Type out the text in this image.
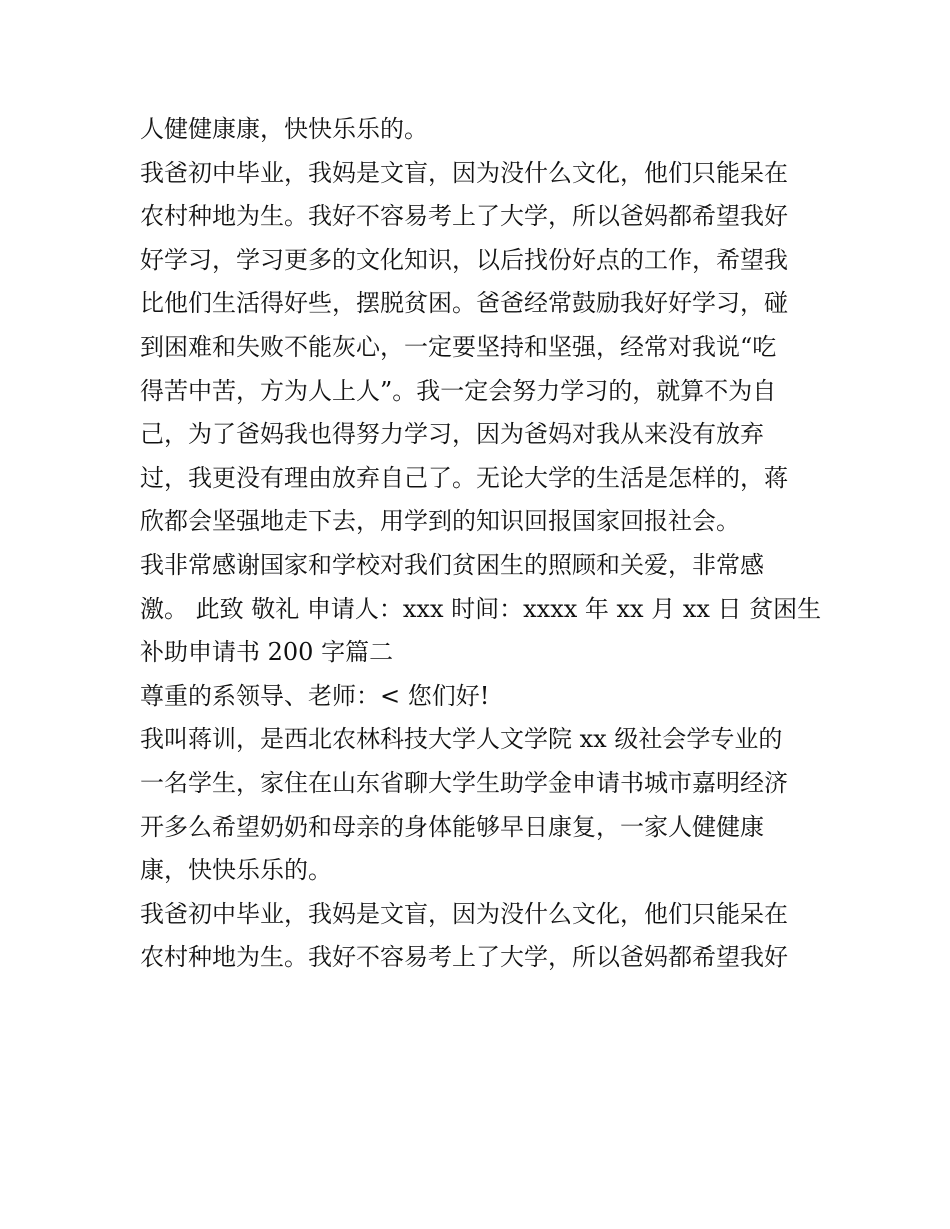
人健健康康，快快乐乐的。
我爸初中毕业，我妈是文盲，因为没什么文化，他们只能呆在
农村种地为生。我好不容易考上了大学，所以爸妈都希望我好
好学习，学习更多的文化知识，以后找份好点的工作，希望我
比他们生活得好些，摆脱贫困。爸爸经常鼓励我好好学习，碰
到困难和失败不能灰心，一定要坚持和坚强，经常对我说“吃
得苦中苦，方为人上人”。我一定会努力学习的，就算不为自
己，为了爸妈我也得努力学习，因为爸妈对我从来没有放弃
过，我更没有理由放弃自己了。无论大学的生活是怎样的，蒋
欣都会坚强地走下去，用学到的知识回报国家回报社会。
我非常感谢国家和学校对我们贫困生的照顾和关爱，非常感
激。 此致 敬礼 申请人：xxx 时间：xxxx 年 xx 月 xx 日 贫困生
补助申请书 200 字篇二
尊重的系领导、老师：< 您们好!
我叫蒋训，是西北农林科技大学人文学院 xx 级社会学专业的
一名学生，家住在山东省聊大学生助学金申请书城市嘉明经济
开多么希望奶奶和母亲的身体能够早日康复，一家人健健康
康，快快乐乐的。
我爸初中毕业，我妈是文盲，因为没什么文化，他们只能呆在
农村种地为生。我好不容易考上了大学，所以爸妈都希望我好
